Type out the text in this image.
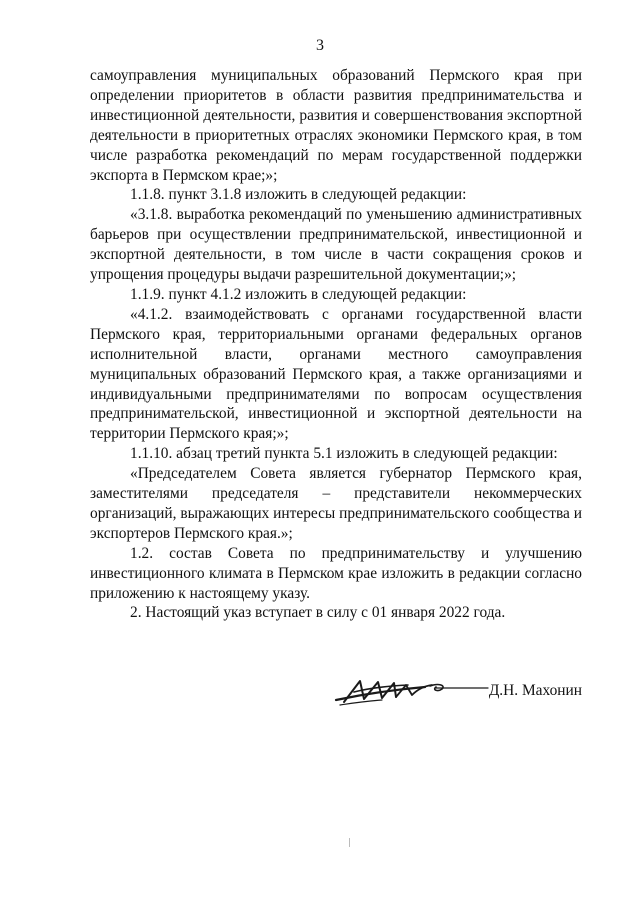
3

самоуправления муниципальных образований Пермского края при определении приоритетов в области развития предпринимательства и инвестиционной деятельности, развития и совершенствования экспортной деятельности в приоритетных отраслях экономики Пермского края, в том числе разработка рекомендаций по мерам государственной поддержки экспорта в Пермском крае;»;

1.1.8. пункт 3.1.8 изложить в следующей редакции:

«3.1.8. выработка рекомендаций по уменьшению административных барьеров при осуществлении предпринимательской, инвестиционной и экспортной деятельности, в том числе в части сокращения сроков и упрощения процедуры выдачи разрешительной документации;»;

1.1.9. пункт 4.1.2 изложить в следующей редакции:

«4.1.2. взаимодействовать с органами государственной власти Пермского края, территориальными органами федеральных органов исполнительной власти, органами местного самоуправления муниципальных образований Пермского края, а также организациями и индивидуальными предпринимателями по вопросам осуществления предпринимательской, инвестиционной и экспортной деятельности на территории Пермского края;»;

1.1.10. абзац третий пункта 5.1 изложить в следующей редакции:

«Председателем Совета является губернатор Пермского края, заместителями председателя – представители некоммерческих организаций, выражающих интересы предпринимательского сообщества и экспортеров Пермского края.»;

1.2. состав Совета по предпринимательству и улучшению инвестиционного климата в Пермском крае изложить в редакции согласно приложению к настоящему указу.

2. Настоящий указ вступает в силу с 01 января 2022 года.

Д.Н. Махонин
